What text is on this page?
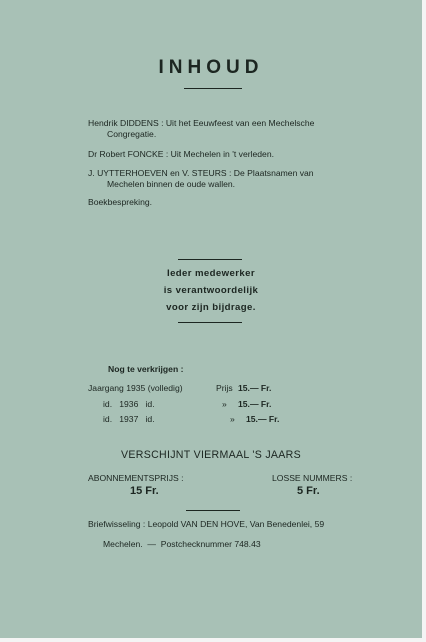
INHOUD
Hendrik DIDDENS : Uit het Eeuwfeest van een Mechelsche
Congregatie.
Dr Robert FONCKE : Uit Mechelen in 't verleden.
J. UYTTERHOEVEN en V. STEURS : De Plaatsnamen van
Mechelen binnen de oude wallen.
Boekbespreking.
Ieder medewerker
is verantwoordelijk
voor zijn bijdrage.
Nog te verkrijgen :
Jaargang 1935 (volledig)	Prijs 15.— Fr.
id.   1936   id.	» 15.— Fr.
id.   1937   id.	» 15.— Fr.
VERSCHIJNT VIERMAAL 'S JAARS
ABONNEMENTSPRIJS :
15 Fr.
LOSSE NUMMERS :
5 Fr.
Briefwisseling : Leopold VAN DEN HOVE, Van Benedenlei, 59
Mechelen.  —  Postchecknummer 748.43
